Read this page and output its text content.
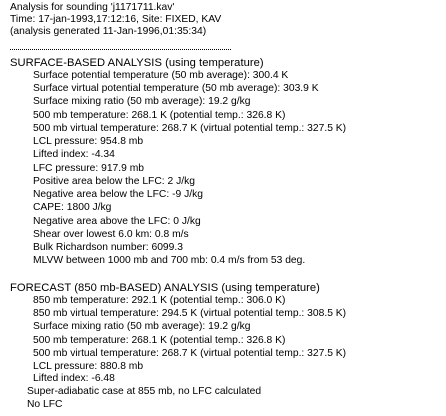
Analysis for sounding 'j1171711.kav'
Time: 17-jan-1993,17:12:16, Site: FIXED, KAV
(analysis generated 11-Jan-1996,01:35:34)
SURFACE-BASED ANALYSIS (using temperature)
Surface potential temperature (50 mb average): 300.4 K
Surface virtual potential temperature (50 mb average): 303.9 K
Surface mixing ratio (50 mb average): 19.2 g/kg
500 mb temperature: 268.1 K (potential temp.: 326.8 K)
500 mb virtual temperature: 268.7 K (virtual potential temp.: 327.5 K)
LCL pressure: 954.8 mb
Lifted index: -4.34
LFC pressure: 917.9 mb
Positive area below the LFC: 2 J/kg
Negative area below the LFC: -9 J/kg
CAPE: 1800 J/kg
Negative area above the LFC: 0 J/kg
Shear over lowest 6.0 km: 0.8 m/s
Bulk Richardson number: 6099.3
MLVW between 1000 mb and 700 mb: 0.4 m/s from 53 deg.
FORECAST (850 mb-BASED) ANALYSIS (using temperature)
850 mb temperature: 292.1 K (potential temp.: 306.0 K)
850 mb virtual temperature: 294.5 K (virtual potential temp.: 308.5 K)
Surface mixing ratio (50 mb average): 19.2 g/kg
500 mb temperature: 268.1 K (potential temp.: 326.8 K)
500 mb virtual temperature: 268.7 K (virtual potential temp.: 327.5 K)
LCL pressure: 880.8 mb
Lifted index: -6.48
Super-adiabatic case at 855 mb, no LFC calculated
No LFC
